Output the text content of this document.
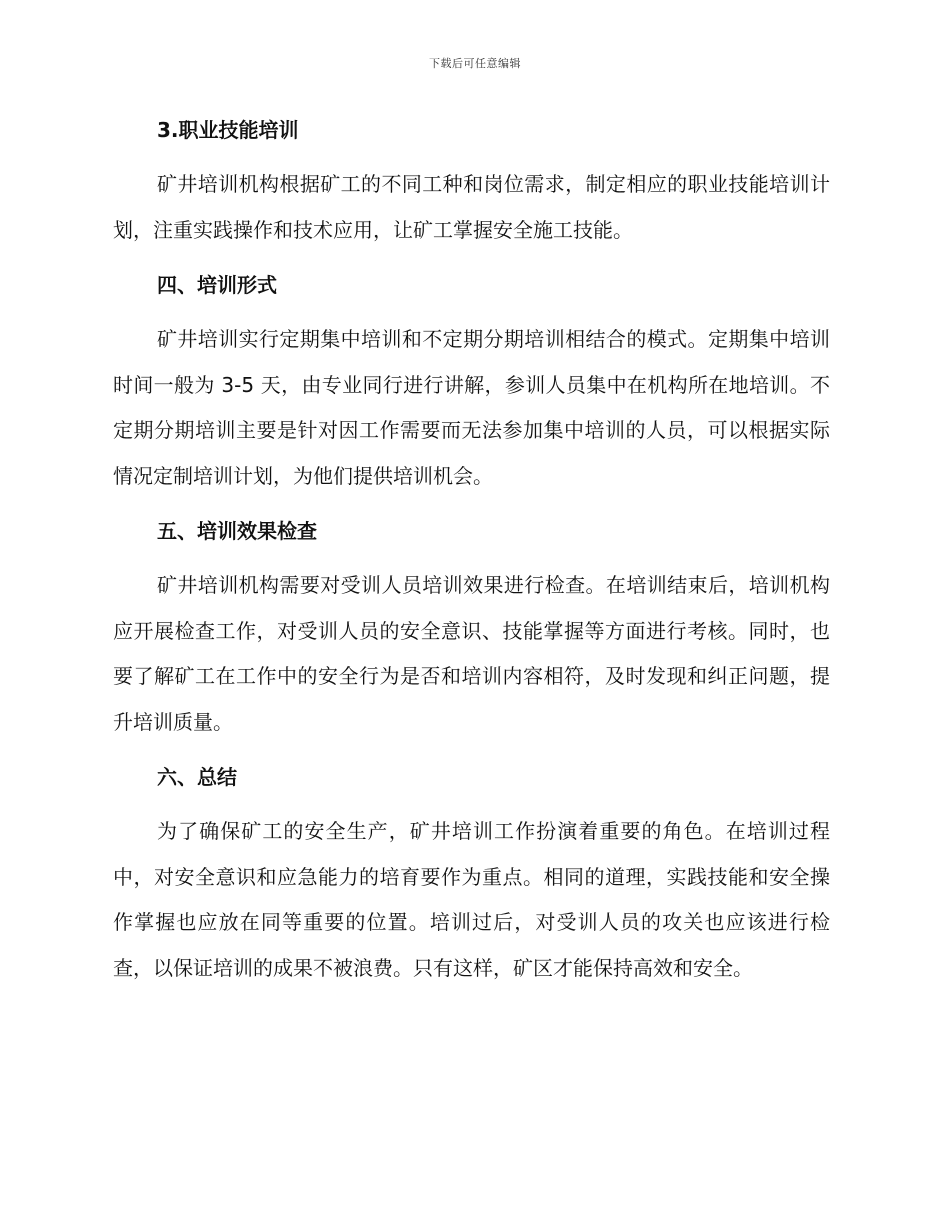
下载后可任意编辑
3.职业技能培训

矿井培训机构根据矿工的不同工种和岗位需求，制定相应的职业技能培训计划，注重实践操作和技术应用，让矿工掌握安全施工技能。

四、培训形式

矿井培训实行定期集中培训和不定期分期培训相结合的模式。定期集中培训时间一般为 3-5 天，由专业同行进行讲解，参训人员集中在机构所在地培训。不定期分期培训主要是针对因工作需要而无法参加集中培训的人员，可以根据实际情况定制培训计划，为他们提供培训机会。

五、培训效果检查

矿井培训机构需要对受训人员培训效果进行检查。在培训结束后，培训机构应开展检查工作，对受训人员的安全意识、技能掌握等方面进行考核。同时，也要了解矿工在工作中的安全行为是否和培训内容相符，及时发现和纠正问题，提升培训质量。

六、总结

为了确保矿工的安全生产，矿井培训工作扮演着重要的角色。在培训过程中，对安全意识和应急能力的培育要作为重点。相同的道理，实践技能和安全操作掌握也应放在同等重要的位置。培训过后，对受训人员的攻关也应该进行检查，以保证培训的成果不被浪费。只有这样，矿区才能保持高效和安全。
